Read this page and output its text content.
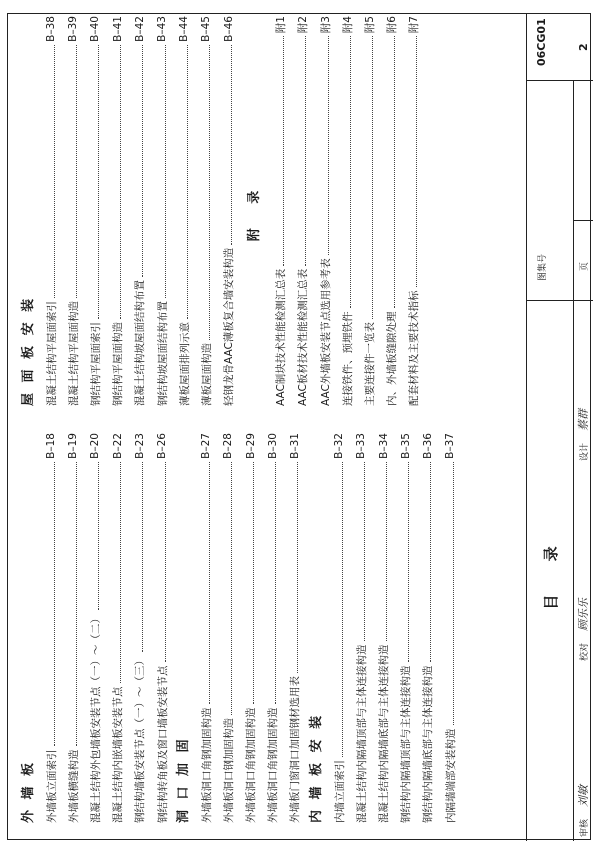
外 墙 板 外墙板立面索引
B–18
外墙板横缝构造
B–19
混凝土结构外包墙板安装节点（一）～（二）
B–20
混凝土结构内嵌墙板安装节点
B–22
钢结构墙板安装节点（一）～（三）
B–23
钢结构转角板及窗口墙板安装节点
B–26
洞 口 加 固 外墙板洞口角钢加固构造
B–27
外墙板洞口钢加固构造
B–28
外墙板洞口角钢加固构造
B–29
外墙板洞口角钢加固构造
B–30
外墙板门窗洞口加固钢材选用表
B–31
内 墙 板 安 装 内墙立面索引
B–32
混凝土结构内隔墙顶部与主体连接构造
B–33
混凝土结构内隔墙底部与主体连接构造
B–34
钢结构内隔墙顶部与主体连接构造
B–35
钢结构内隔墙底部与主体连接构造
B–36
内隔墙端部安装构造
B–37
屋 面 板 安 装 混凝土结构平屋面索引
B–38
混凝土结构平屋面构造
B–39
钢结构平屋面索引
B–40
钢结构平屋面构造
B–41
混凝土结构坡屋面结构布置
B–42
钢结构坡屋面结构布置
B–43
薄板屋面排列示意
B–44
薄板屋面构造
B–45
轻钢龙骨AAC薄板复合墙安装构造
B–46
附 录
AAC制块技术性能检测汇总表
附1
AAC板材技术性能检测汇总表
附2
AAC外墙板安装节点选用参考表
附3
连接铁件、预埋铁件
附4
主要连接件一览表
附5
内、外墙板缝隙处理
附6
配套材料及主要技术指标
附7
目 录
图集号
06CG01
页
2
审核
刘敏
校对
顾乐乐
设计
蔡群
